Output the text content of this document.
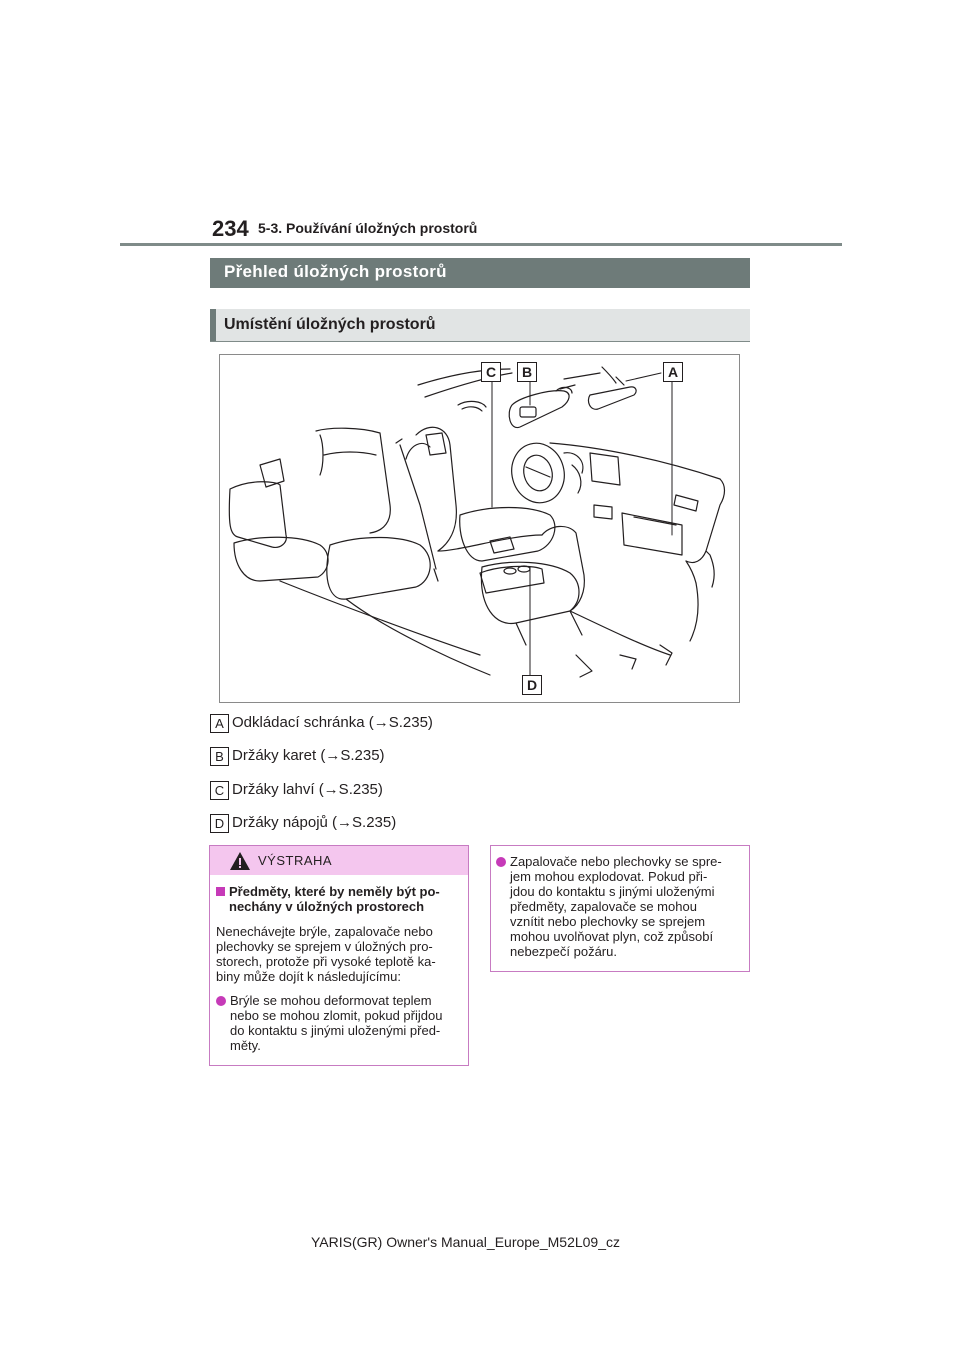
234 5-3. Používání úložných prostorů
Přehled úložných prostorů
Umístění úložných prostorů
C	B	A
D
A Odkládací schránka (→S.235)
B Držáky karet (→S.235)
C Držáky lahví (→S.235)
D Držáky nápojů (→S.235)
VÝSTRAHA
Předměty, které by neměly být po-
nechány v úložných prostorech
Nenechávejte brýle, zapalovače nebo
plechovky se sprejem v úložných pro-
storech, protože při vysoké teplotě ka-
biny může dojít k následujícímu:
Brýle se mohou deformovat teplem
nebo se mohou zlomit, pokud přijdou
do kontaktu s jinými uloženými před-
měty.
Zapalovače nebo plechovky se spre-
jem mohou explodovat. Pokud při-
jdou do kontaktu s jinými uloženými
předměty, zapalovače se mohou
vznítit nebo plechovky se sprejem
mohou uvolňovat plyn, což způsobí
nebezpečí požáru.
YARIS(GR) Owner's Manual_Europe_M52L09_cz
